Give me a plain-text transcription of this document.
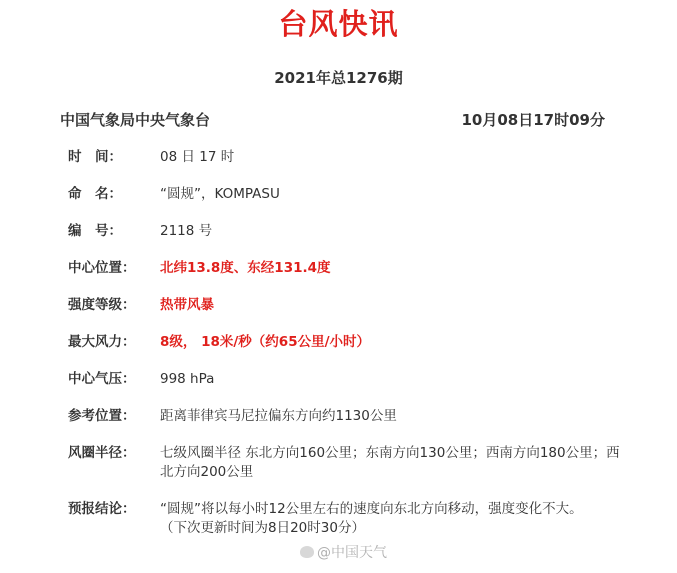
台风快讯
2021年总1276期
中国气象局中央气象台	10月08日17时09分
时　间：	08 日 17 时
命　名：	“圆规”，KOMPASU
编　号：	2118 号
中心位置：	北纬13.8度、东经131.4度
强度等级：	热带风暴
最大风力：	8级， 18米/秒（约65公里/小时）
中心气压：	998 hPa
参考位置：	距离菲律宾马尼拉偏东方向约1130公里
风圈半径：	七级风圈半径 东北方向160公里；东南方向130公里；西南方向180公里；西北方向200公里
预报结论：	“圆规”将以每小时12公里左右的速度向东北方向移动，强度变化不大。
（下次更新时间为8日20时30分）
@中国天气
